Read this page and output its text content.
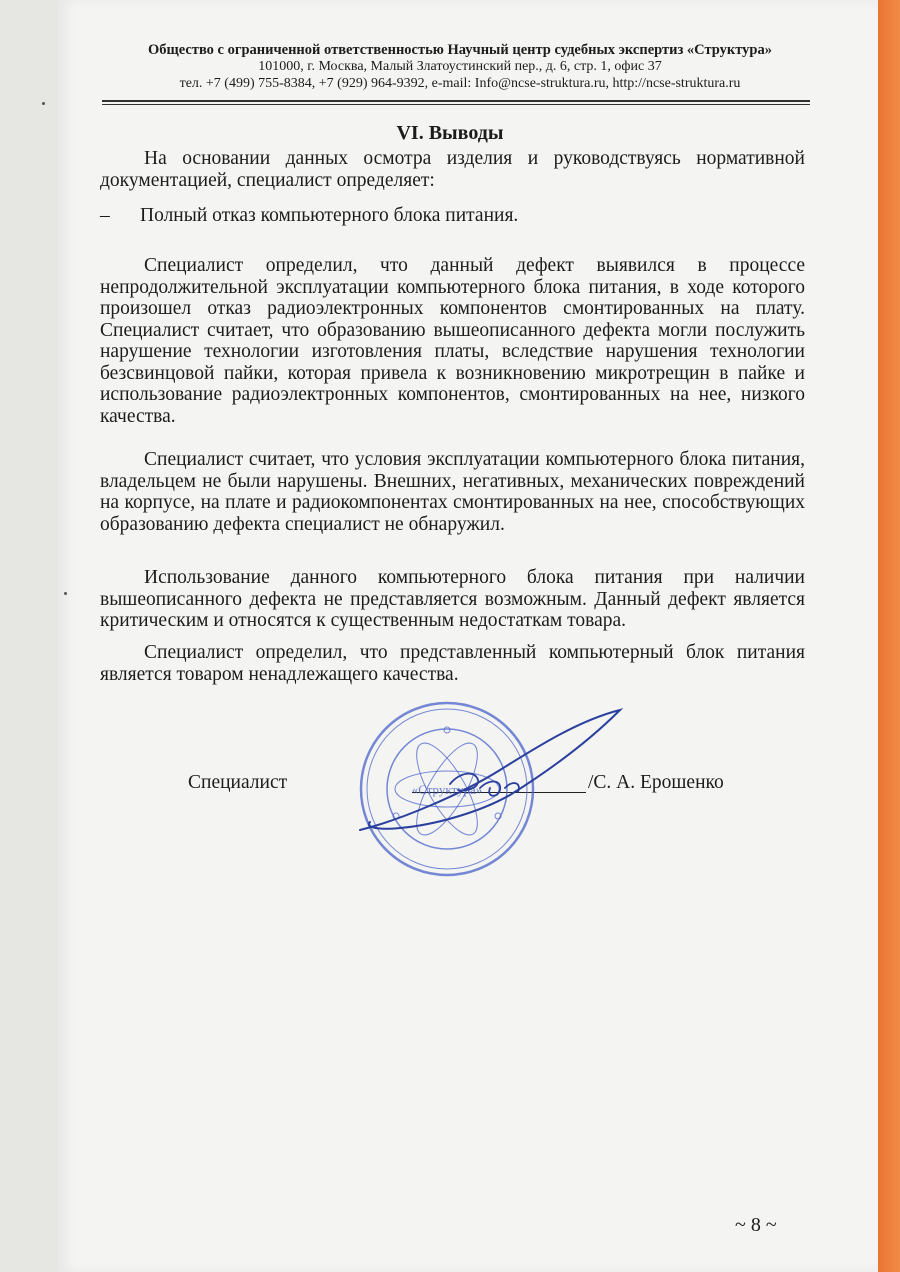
Общество с ограниченной ответственностью Научный центр судебных экспертиз «Структура»
101000, г. Москва, Малый Златоустинский пер., д. 6, стр. 1, офис 37
тел. +7 (499) 755-8384, +7 (929) 964-9392, e-mail: Info@ncse-struktura.ru, http://ncse-struktura.ru
VI. Выводы
На основании данных осмотра изделия и руководствуясь нормативной документацией, специалист определяет:
– Полный отказ компьютерного блока питания.
Специалист определил, что данный дефект выявился в процессе непродолжительной эксплуатации компьютерного блока питания, в ходе которого произошел отказ радиоэлектронных компонентов смонтированных на плату. Специалист считает, что образованию вышеописанного дефекта могли послужить нарушение технологии изготовления платы, вследствие нарушения технологии безсвинцовой пайки, которая привела к возникновению микротрещин в пайке и использование радиоэлектронных компонентов, смонтированных на нее, низкого качества.
Специалист считает, что условия эксплуатации компьютерного блока питания, владельцем не были нарушены. Внешних, негативных, механических повреждений на корпусе, на плате и радиокомпонентах смонтированных на нее, способствующих образованию дефекта специалист не обнаружил.
Использование данного компьютерного блока питания при наличии вышеописанного дефекта не представляется возможным. Данный дефект является критическим и относятся к существенным недостаткам товара.
Специалист определил, что представленный компьютерный блок питания является товаром ненадлежащего качества.
Специалист	/С. А. Ерошенко
«Структура»
~ 8 ~
